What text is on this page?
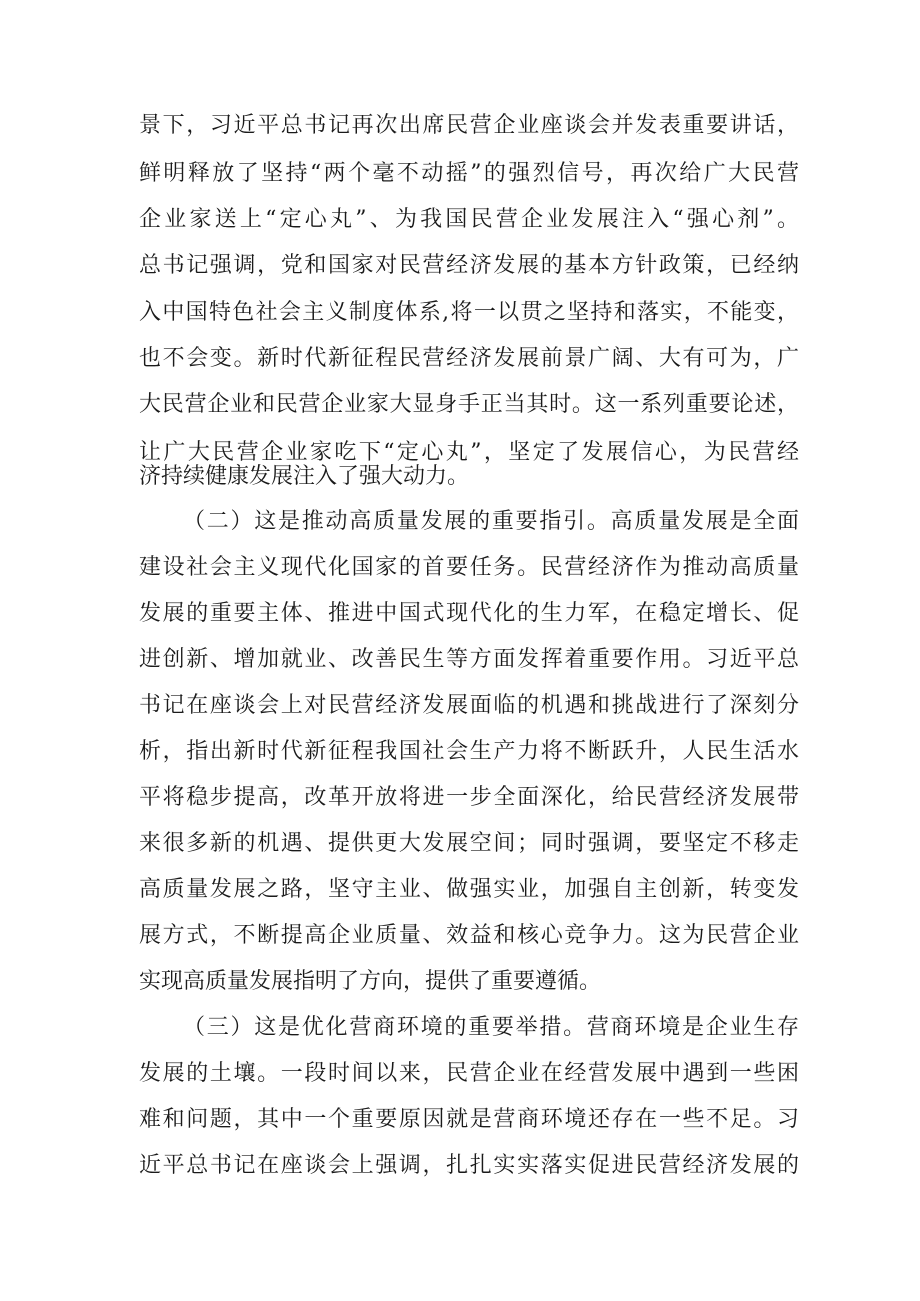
景下，习近平总书记再次出席民营企业座谈会并发表重要讲话，
鲜明释放了坚持“两个毫不动摇”的强烈信号，再次给广大民营
企业家送上“定心丸”、为我国民营企业发展注入“强心剂”。
总书记强调，党和国家对民营经济发展的基本方针政策，已经纳
入中国特色社会主义制度体系,将一以贯之坚持和落实，不能变，
也不会变。新时代新征程民营经济发展前景广阔、大有可为，广
大民营企业和民营企业家大显身手正当其时。这一系列重要论述，
让广大民营企业家吃下“定心丸”，坚定了发展信心，为民营经
济持续健康发展注入了强大动力。
（二）这是推动高质量发展的重要指引。高质量发展是全面
建设社会主义现代化国家的首要任务。民营经济作为推动高质量
发展的重要主体、推进中国式现代化的生力军，在稳定增长、促
进创新、增加就业、改善民生等方面发挥着重要作用。习近平总
书记在座谈会上对民营经济发展面临的机遇和挑战进行了深刻分
析，指出新时代新征程我国社会生产力将不断跃升，人民生活水
平将稳步提高，改革开放将进一步全面深化，给民营经济发展带
来很多新的机遇、提供更大发展空间；同时强调，要坚定不移走
高质量发展之路，坚守主业、做强实业，加强自主创新，转变发
展方式，不断提高企业质量、效益和核心竞争力。这为民营企业
实现高质量发展指明了方向，提供了重要遵循。
（三）这是优化营商环境的重要举措。营商环境是企业生存
发展的土壤。一段时间以来，民营企业在经营发展中遇到一些困
难和问题，其中一个重要原因就是营商环境还存在一些不足。习
近平总书记在座谈会上强调，扎扎实实落实促进民营经济发展的
